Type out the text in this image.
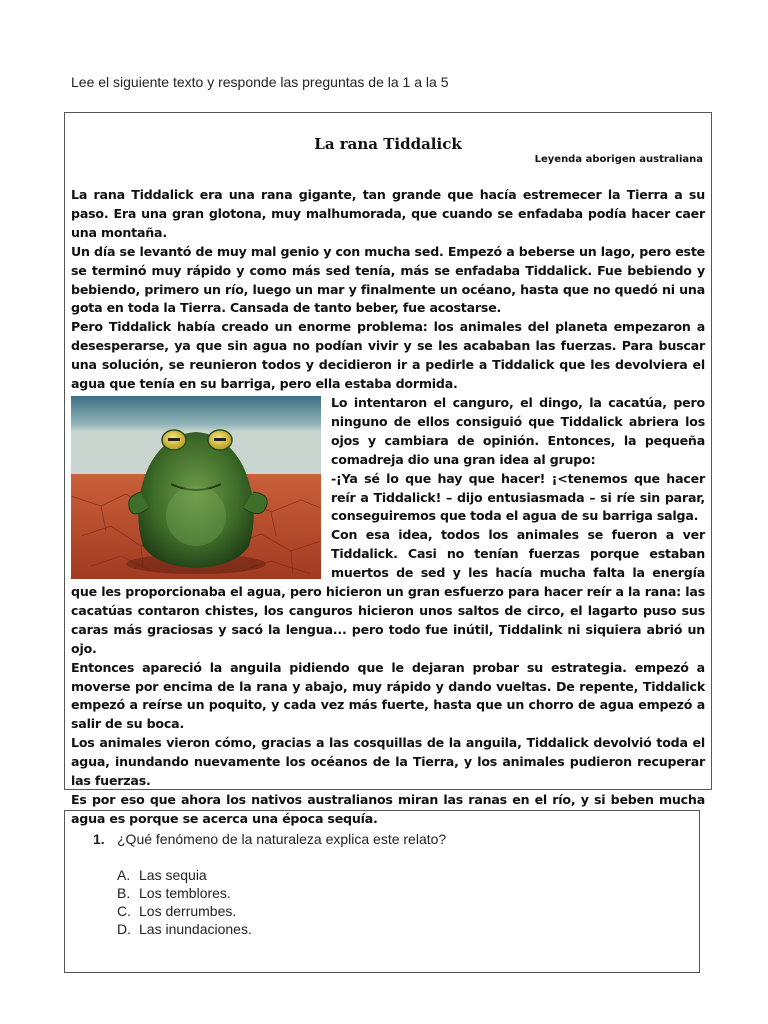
Lee el siguiente texto y responde las preguntas de la 1 a la 5
La rana Tiddalick
Leyenda aborigen australiana

La rana Tiddalick era una rana gigante, tan grande que hacía estremecer la Tierra a su paso. Era una gran glotona, muy malhumorada, que cuando se enfadaba podía hacer caer una montaña.

Un día se levantó de muy mal genio y con mucha sed. Empezó a beberse un lago, pero este se terminó muy rápido y como más sed tenía, más se enfadaba Tiddalick. Fue bebiendo y bebiendo, primero un río, luego un mar y finalmente un océano, hasta que no quedó ni una gota en toda la Tierra. Cansada de tanto beber, fue acostarse.

Pero Tiddalick había creado un enorme problema: los animales del planeta empezaron a desesperarse, ya que sin agua no podían vivir y se les acababan las fuerzas. Para buscar una solución, se reunieron todos y decidieron ir a pedirle a Tiddalick que les devolviera el agua que tenía en su barriga, pero ella estaba dormida.

Lo intentaron el canguro, el dingo, la cacatúa, pero ninguno de ellos consiguió que Tiddalick abriera los ojos y cambiara de opinión. Entonces, la pequeña comadreja dio una gran idea al grupo:

-¡Ya sé lo que hay que hacer! ¡<tenemos que hacer reír a Tiddalick! – dijo entusiasmada – si ríe sin parar, conseguiremos que toda el agua de su barriga salga.

Con esa idea, todos los animales se fueron a ver Tiddalick. Casi no tenían fuerzas porque estaban muertos de sed y les hacía mucha falta la energía que les proporcionaba el agua, pero hicieron un gran esfuerzo para hacer reír a la rana: las cacatúas contaron chistes, los canguros hicieron unos saltos de circo, el lagarto puso sus caras más graciosas y sacó la lengua... pero todo fue inútil, Tiddalink ni siquiera abrió un ojo.

Entonces apareció la anguila pidiendo que le dejaran probar su estrategia. empezó a moverse por encima de la rana y abajo, muy rápido y dando vueltas. De repente, Tiddalick empezó a reírse un poquito, y cada vez más fuerte, hasta que un chorro de agua empezó a salir de su boca.

Los animales vieron cómo, gracias a las cosquillas de la anguila, Tiddalick devolvió toda el agua, inundando nuevamente los océanos de la Tierra, y los animales pudieron recuperar las fuerzas.

Es por eso que ahora los nativos australianos miran las ranas en el río, y si beben mucha agua es porque se acerca una época sequía.

1. ¿Qué fenómeno de la naturaleza explica este relato?
A. Las sequia
B. Los temblores.
C. Los derrumbes.
D. Las inundaciones.
